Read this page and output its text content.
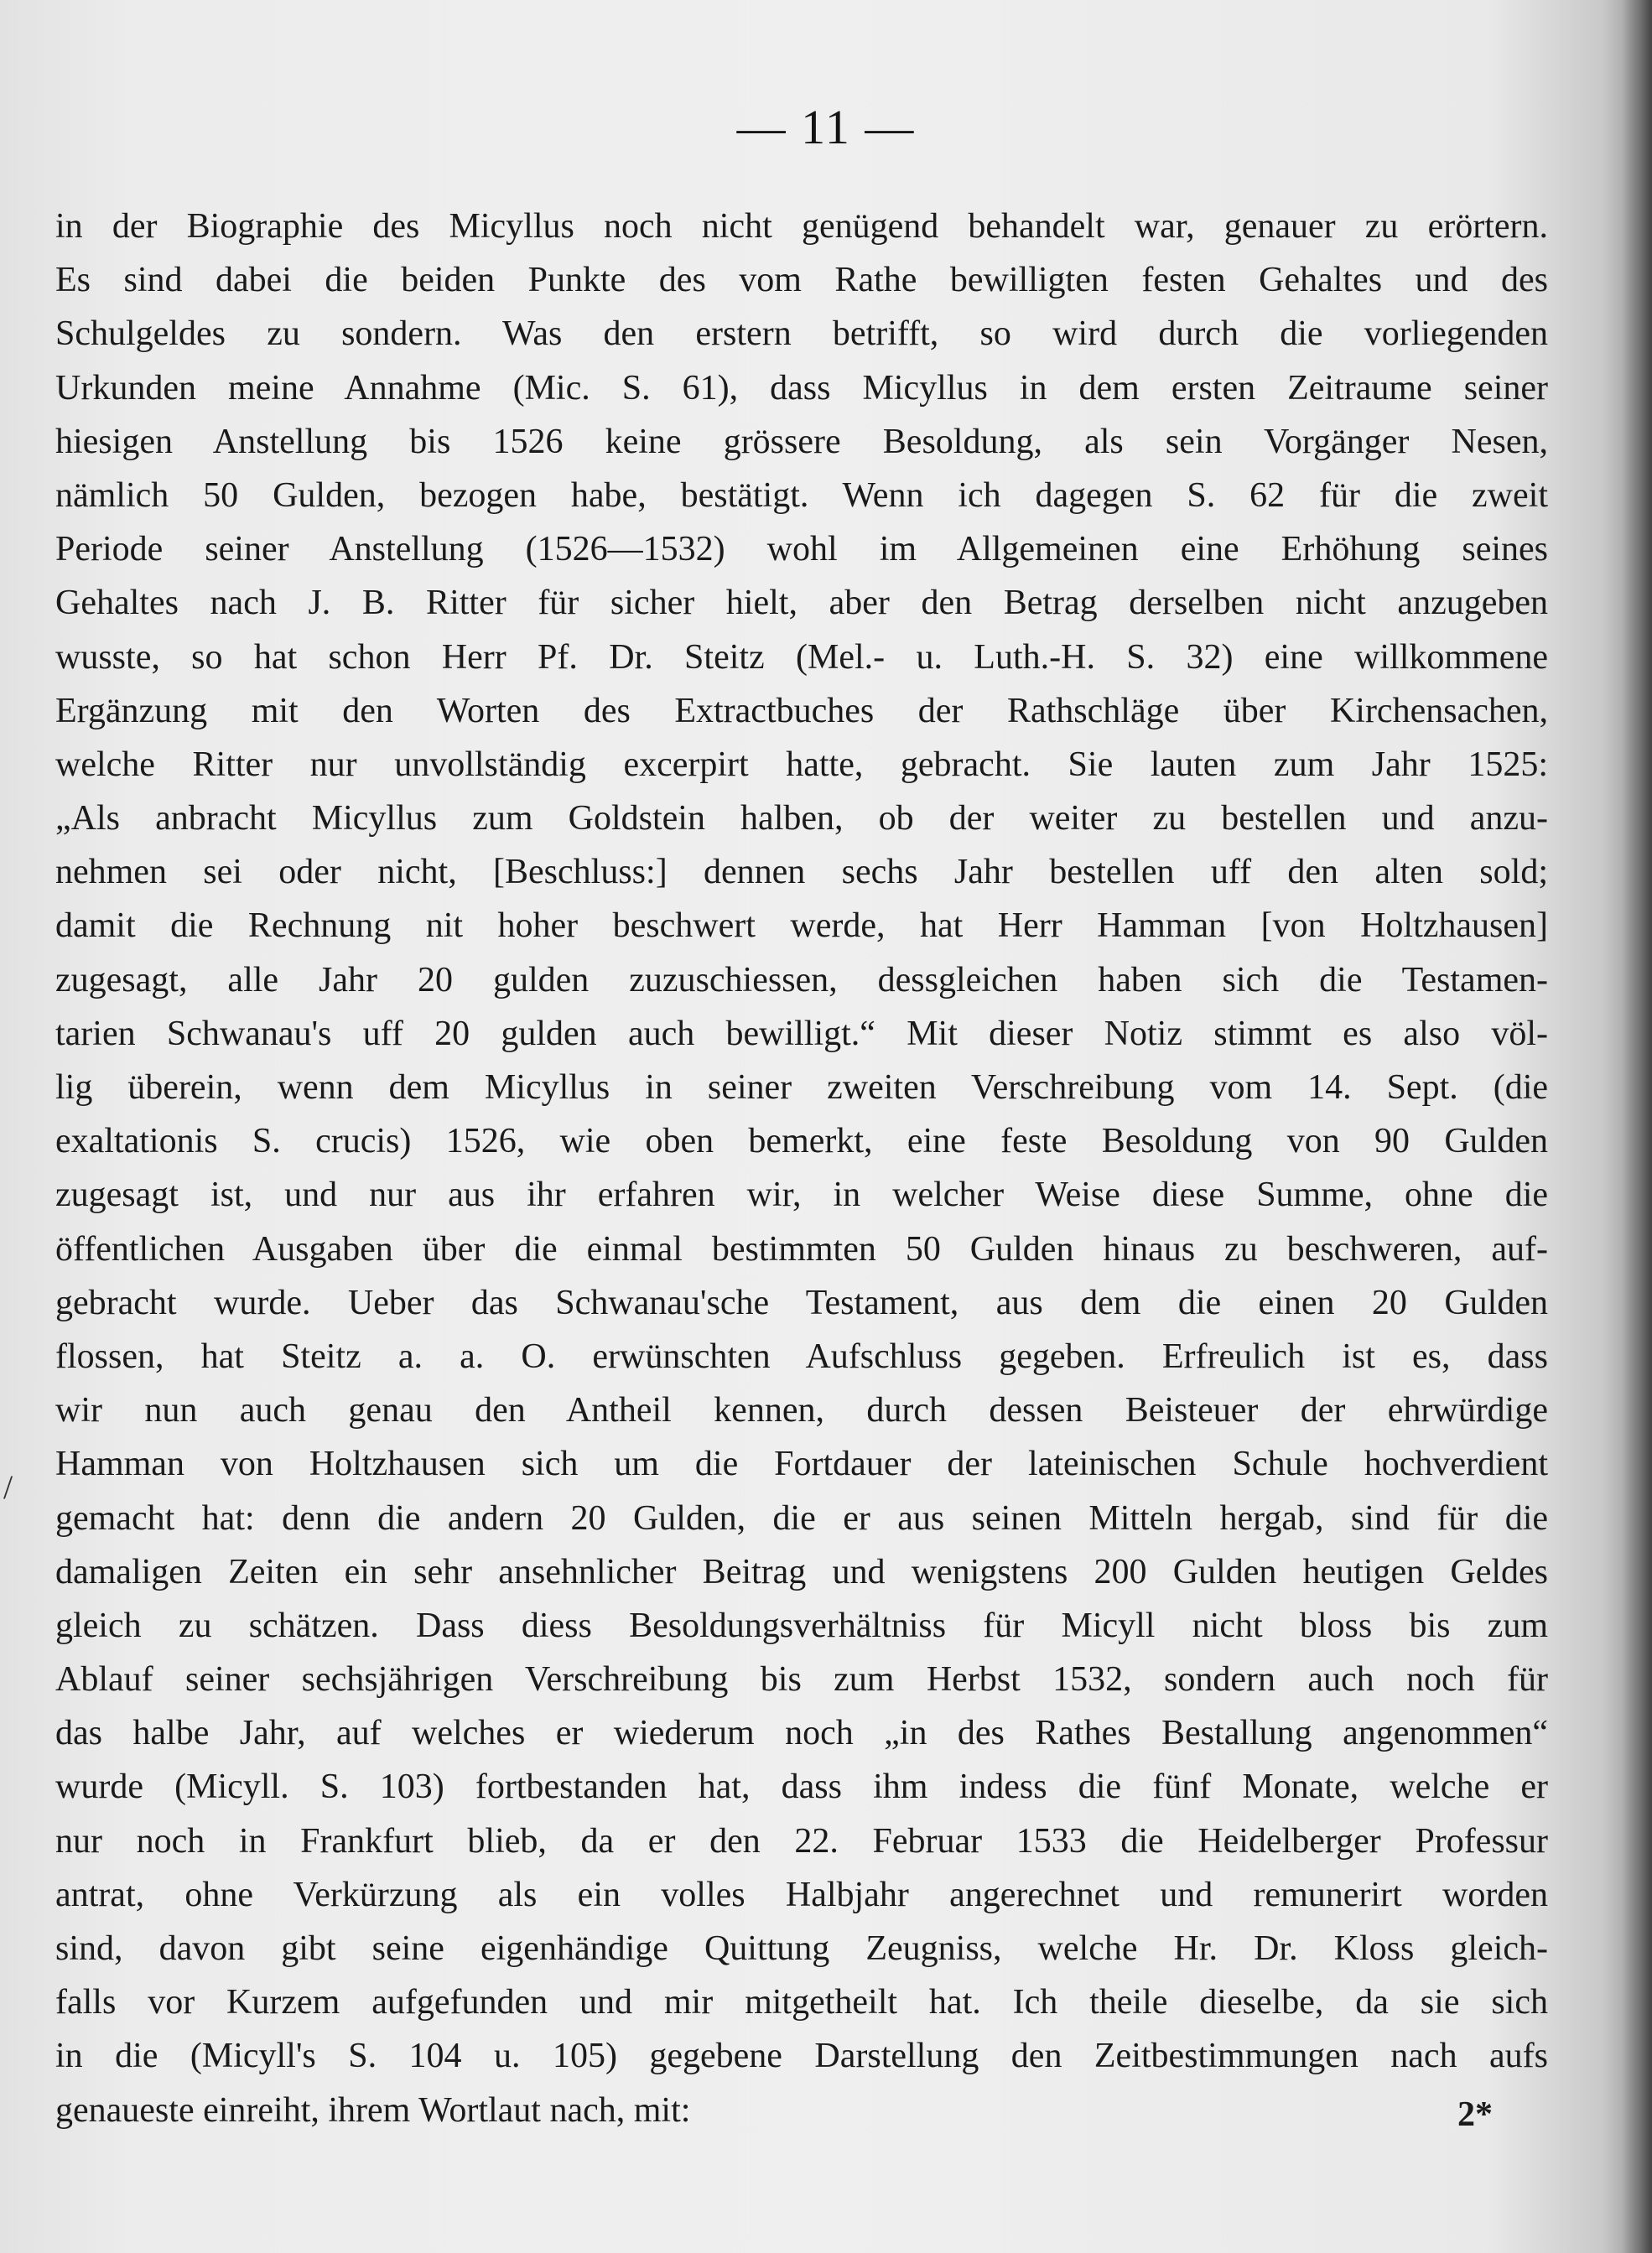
— 11 —
/
in der Biographie des Micyllus noch nicht genügend behandelt war, genauer zu erörtern.
Es sind dabei die beiden Punkte des vom Rathe bewilligten festen Gehaltes und des
Schulgeldes zu sondern. Was den erstern betrifft, so wird durch die vorliegenden
Urkunden meine Annahme (Mic. S. 61), dass Micyllus in dem ersten Zeitraume seiner
hiesigen Anstellung bis 1526 keine grössere Besoldung, als sein Vorgänger Nesen,
nämlich 50 Gulden, bezogen habe, bestätigt. Wenn ich dagegen S. 62 für die zweit
Periode seiner Anstellung (1526—1532) wohl im Allgemeinen eine Erhöhung seines
Gehaltes nach J. B. Ritter für sicher hielt, aber den Betrag derselben nicht anzugeben
wusste, so hat schon Herr Pf. Dr. Steitz (Mel.- u. Luth.-H. S. 32) eine willkommene
Ergänzung mit den Worten des Extractbuches der Rathschläge über Kirchensachen,
welche Ritter nur unvollständig excerpirt hatte, gebracht. Sie lauten zum Jahr 1525:
„Als anbracht Micyllus zum Goldstein halben, ob der weiter zu bestellen und anzu-
nehmen sei oder nicht, [Beschluss:] dennen sechs Jahr bestellen uff den alten sold;
damit die Rechnung nit hoher beschwert werde, hat Herr Hamman [von Holtzhausen]
zugesagt, alle Jahr 20 gulden zuzuschiessen, dessgleichen haben sich die Testamen-
tarien Schwanau's uff 20 gulden auch bewilligt.“ Mit dieser Notiz stimmt es also völ-
lig überein, wenn dem Micyllus in seiner zweiten Verschreibung vom 14. Sept. (die
exaltationis S. crucis) 1526, wie oben bemerkt, eine feste Besoldung von 90 Gulden
zugesagt ist, und nur aus ihr erfahren wir, in welcher Weise diese Summe, ohne die
öffentlichen Ausgaben über die einmal bestimmten 50 Gulden hinaus zu beschweren, auf-
gebracht wurde. Ueber das Schwanau'sche Testament, aus dem die einen 20 Gulden
flossen, hat Steitz a. a. O. erwünschten Aufschluss gegeben. Erfreulich ist es, dass
wir nun auch genau den Antheil kennen, durch dessen Beisteuer der ehrwürdige
Hamman von Holtzhausen sich um die Fortdauer der lateinischen Schule hochverdient
gemacht hat: denn die andern 20 Gulden, die er aus seinen Mitteln hergab, sind für die
damaligen Zeiten ein sehr ansehnlicher Beitrag und wenigstens 200 Gulden heutigen Geldes
gleich zu schätzen. Dass diess Besoldungsverhältniss für Micyll nicht bloss bis zum
Ablauf seiner sechsjährigen Verschreibung bis zum Herbst 1532, sondern auch noch für
das halbe Jahr, auf welches er wiederum noch „in des Rathes Bestallung angenommen“
wurde (Micyll. S. 103) fortbestanden hat, dass ihm indess die fünf Monate, welche er
nur noch in Frankfurt blieb, da er den 22. Februar 1533 die Heidelberger Professur
antrat, ohne Verkürzung als ein volles Halbjahr angerechnet und remunerirt worden
sind, davon gibt seine eigenhändige Quittung Zeugniss, welche Hr. Dr. Kloss gleich-
falls vor Kurzem aufgefunden und mir mitgetheilt hat. Ich theile dieselbe, da sie sich
in die (Micyll's S. 104 u. 105) gegebene Darstellung den Zeitbestimmungen nach aufs
genaueste einreiht, ihrem Wortlaut nach, mit:	2*
